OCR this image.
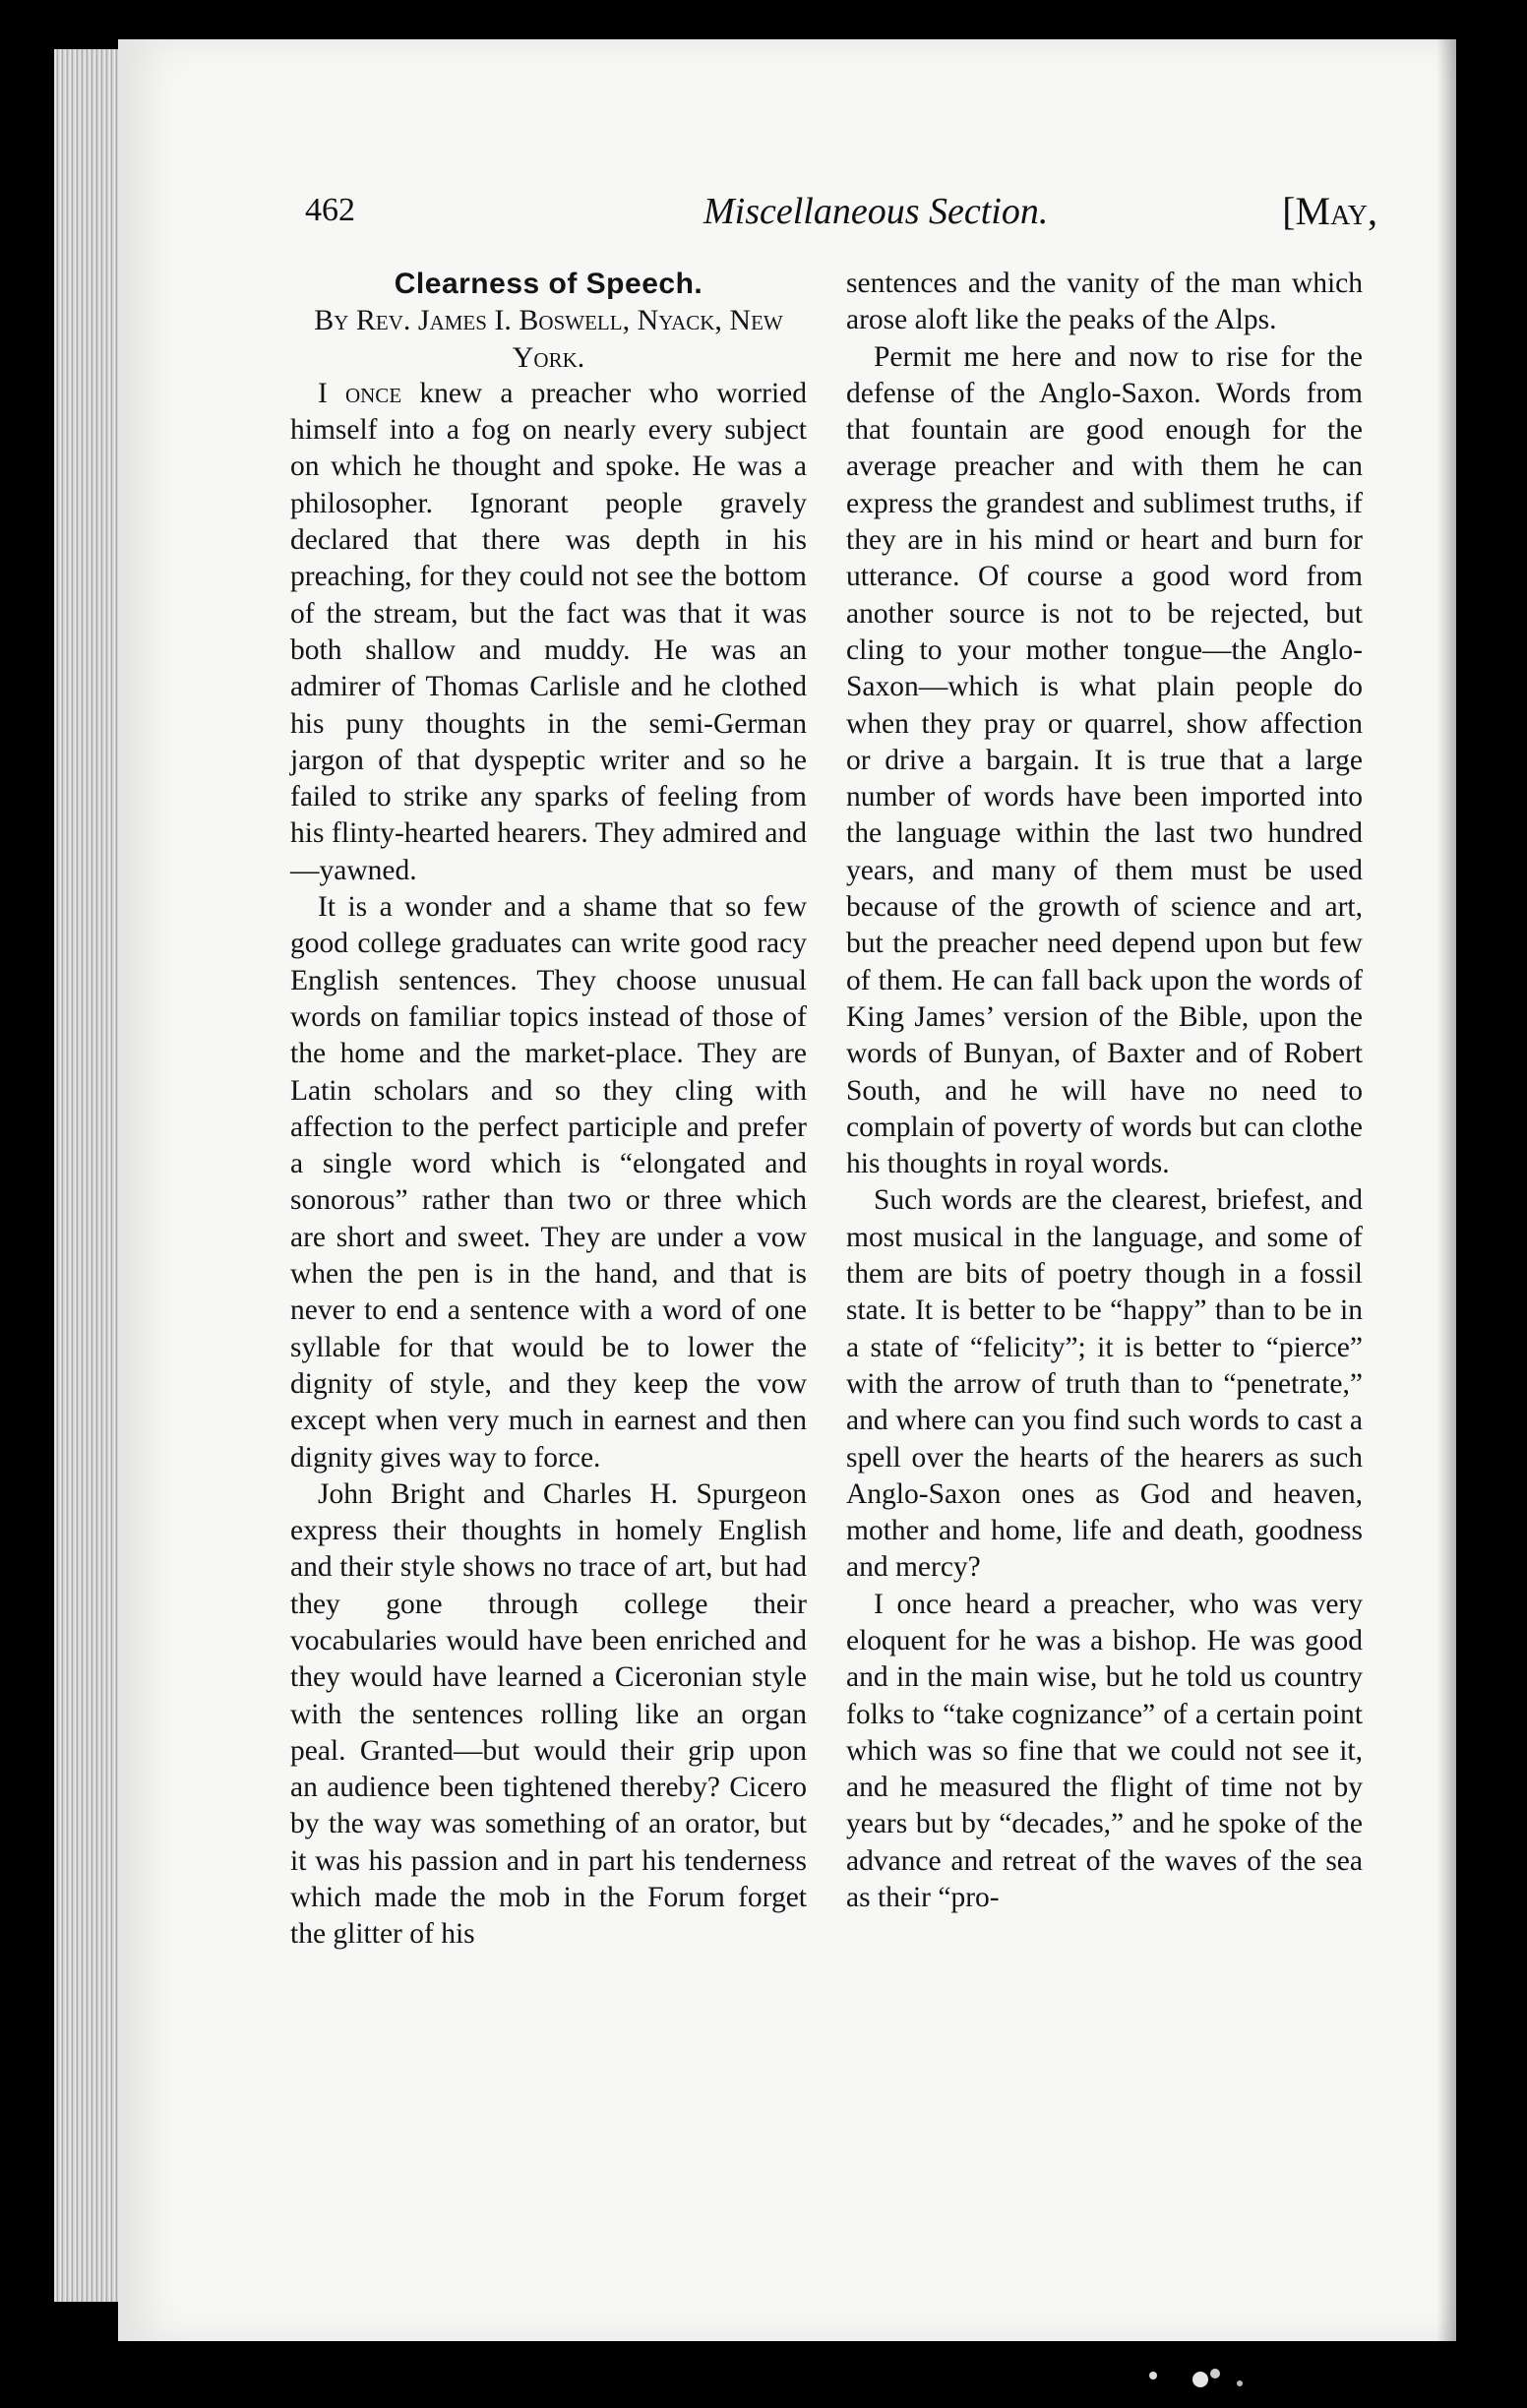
462	Miscellaneous Section.	[May,
Clearness of Speech.

By Rev. James I. Boswell, Nyack, New York.

I once knew a preacher who worried himself into a fog on nearly every subject on which he thought and spoke. He was a philosopher. Ignorant people gravely declared that there was depth in his preaching, for they could not see the bottom of the stream, but the fact was that it was both shallow and muddy. He was an admirer of Thomas Carlisle and he clothed his puny thoughts in the semi-German jargon of that dyspeptic writer and so he failed to strike any sparks of feeling from his flinty-hearted hearers. They admired and—yawned.

It is a wonder and a shame that so few good college graduates can write good racy English sentences. They choose unusual words on familiar topics instead of those of the home and the market-place. They are Latin scholars and so they cling with affection to the perfect participle and prefer a single word which is “elongated and sonorous” rather than two or three which are short and sweet. They are under a vow when the pen is in the hand, and that is never to end a sentence with a word of one syllable for that would be to lower the dignity of style, and they keep the vow except when very much in earnest and then dignity gives way to force.

John Bright and Charles H. Spurgeon express their thoughts in homely English and their style shows no trace of art, but had they gone through college their vocabularies would have been enriched and they would have learned a Ciceronian style with the sentences rolling like an organ peal. Granted—but would their grip upon an audience been tightened thereby? Cicero by the way was something of an orator, but it was his passion and in part his tenderness which made the mob in the Forum forget the glitter of his

sentences and the vanity of the man which arose aloft like the peaks of the Alps.

Permit me here and now to rise for the defense of the Anglo-Saxon. Words from that fountain are good enough for the average preacher and with them he can express the grandest and sublimest truths, if they are in his mind or heart and burn for utterance. Of course a good word from another source is not to be rejected, but cling to your mother tongue—the Anglo-Saxon—which is what plain people do when they pray or quarrel, show affection or drive a bargain. It is true that a large number of words have been imported into the language within the last two hundred years, and many of them must be used because of the growth of science and art, but the preacher need depend upon but few of them. He can fall back upon the words of King James’ version of the Bible, upon the words of Bunyan, of Baxter and of Robert South, and he will have no need to complain of poverty of words but can clothe his thoughts in royal words.

Such words are the clearest, briefest, and most musical in the language, and some of them are bits of poetry though in a fossil state. It is better to be “happy” than to be in a state of “felicity”; it is better to “pierce” with the arrow of truth than to “penetrate,” and where can you find such words to cast a spell over the hearts of the hearers as such Anglo-Saxon ones as God and heaven, mother and home, life and death, goodness and mercy?

I once heard a preacher, who was very eloquent for he was a bishop. He was good and in the main wise, but he told us country folks to “take cognizance” of a certain point which was so fine that we could not see it, and he measured the flight of time not by years but by “decades,” and he spoke of the advance and retreat of the waves of the sea as their “pro-
